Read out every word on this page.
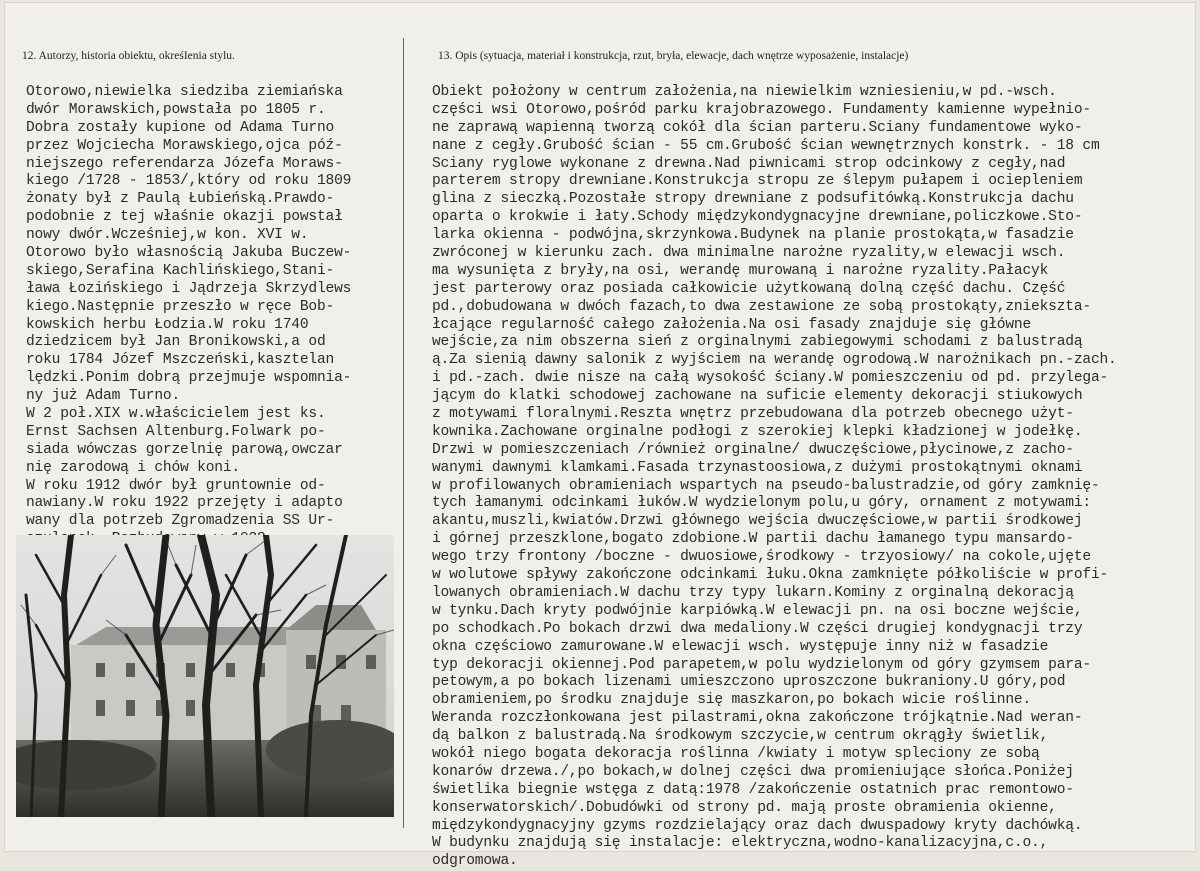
12. Autorzy, historia obiektu, okreśIenia stylu.	13. Opis (sytuacja, materiał i konstrukcja, rzut, bryła, elewacje, dach wnętrze wyposażenie, instalacje)
Otorowo,niewielka siedziba ziemiańska
dwór Morawskich,powstała po 1805 r.
Dobra zostały kupione od Adama Turno
przez Wojciecha Morawskiego,ojca póź-
niejszego referendarza Józefa Moraws-
kiego /1728 - 1853/,który od roku 1809
żonaty był z Paulą Łubieńską.Prawdo-
podobnie z tej właśnie okazji powstał
nowy dwór.Wcześniej,w kon. XVI w.
Otorowo było własnością Jakuba Buczew-
skiego,Serafina Kachlińskiego,Stani-
ława Łozińskiego i Jądrzeja Skrzydlews
kiego.Następnie przeszło w ręce Bob-
kowskich herbu Łodzia.W roku 1740
dziedzicem był Jan Bronikowski,a od
roku 1784 Józef Mszczeński,kasztelan
lędzki.Ponim dobrą przejmuje wspomnia-
ny już Adam Turno.
W 2 poł.XIX w.właścicielem jest ks.
Ernst Sachsen Altenburg.Folwark po-
siada wówczas gorzelnię parową,owczar
nię zarodową i chów koni.
W roku 1912 dwór był gruntownie od-
nawiany.W roku 1922 przejęty i adapto
wany dla potrzeb Zgromadzenia SS Ur-
Obiekt położony w centrum założenia,na niewielkim wzniesieniu,w pd.-wsch.
części wsi Otorowo,pośród parku krajobrazowego. Fundamenty kamienne wypełnio-
ne zaprawą wapienną tworzą cokół dla ścian parteru.Sciany fundamentowe wyko-
nane z cegły.Grubość ścian - 55 cm.Grubość ścian wewnętrznych konstrk. - 18 cm
Sciany ryglowe wykonane z drewna.Nad piwnicami strop odcinkowy z cegły,nad
parterem stropy drewniane.Konstrukcja stropu ze ślepym pułapem i ociepleniem
glina z sieczką.Pozostałe stropy drewniane z podsufitówką.Konstrukcja dachu
oparta o krokwie i łaty.Schody międzykondygnacyjne drewniane,policzkowe.Sto-
larka okienna - podwójna,skrzynkowa.Budynek na planie prostokąta,w fasadzie
zwróconej w kierunku zach. dwa minimalne narożne ryzality,w elewacji wsch.
ma wysunięta z bryły,na osi, werandę murowaną i narożne ryzality.Pałacyk
jest parterowy oraz posiada całkowicie użytkowaną dolną część dachu. Część
pd.,dobudowana w dwóch fazach,to dwa zestawione ze sobą prostokąty,zniekszta-
łcające regularność całego założenia.Na osi fasady znajduje się główne
wejście,za nim obszerna sień z orginalnymi zabiegowymi schodami z balustradą
ą.Za sienią dawny salonik z wyjściem na werandę ogrodową.W narożnikach pn.-zach.
i pd.-zach. dwie nisze na całą wysokość ściany.W pomieszczeniu od pd. przylega-
jącym do klatki schodowej zachowane na suficie elementy dekoracji stiukowych
z motywami floralnymi.Reszta wnętrz przebudowana dla potrzeb obecnego użyt-
kownika.Zachowane orginalne podłogi z szerokiej klepki kładzionej w jodełkę.
Drzwi w pomieszczeniach /również orginalne/ dwuczęściowe,płycinowe,z zacho-
wanymi dawnymi klamkami.Fasada trzynastoosiowa,z dużymi prostokątnymi oknami
w profilowanych obramieniach wspartych na pseudo-balustradzie,od góry zamknię-
tych łamanymi odcinkami łuków.W wydzielonym polu,u góry, ornament z motywami:
akantu,muszli,kwiatów.Drzwi głównego wejścia dwuczęściowe,w partii środkowej
i górnej przeszklone,bogato zdobione.W partii dachu łamanego typu mansardo-
wego trzy frontony /boczne - dwuosiowe,środkowy - trzyosiowy/ na cokole,ujęte
w wolutowe spływy zakończone odcinkami łuku.Okna zamknięte półkoliście w profi-
lowanych obramieniach.W dachu trzy typy lukarn.Kominy z orginalną dekoracją
w tynku.Dach kryty podwójnie karpiówką.W elewacji pn. na osi boczne wejście,
po schodkach.Po bokach drzwi dwa medaliony.W części drugiej kondygnacji trzy
okna częściowo zamurowane.W elewacji wsch. występuje inny niż w fasadzie
typ dekoracji okiennej.Pod parapetem,w polu wydzielonym od góry gzymsem para-
petowym,a po bokach lizenami umieszczono uproszczone bukraniony.U góry,pod
obramieniem,po środku znajduje się maszkaron,po bokach wicie roślinne.
Weranda rozczłonkowana jest pilastrami,okna zakończone trójkątnie.Nad weran-
dą balkon z balustradą.Na środkowym szczycie,w centrum okrągły świetlik,
wokół niego bogata dekoracja roślinna /kwiaty i motyw spleciony ze sobą
konarów drzewa./,po bokach,w dolnej części dwa promieniujące słońca.Poniżej
świetlika biegnie wstęga z datą:1978 /zakończenie ostatnich prac remontowo-
konserwatorskich/.Dobudówki od strony pd. mają proste obramienia okienne,
międzykondygnacyjny gzyms rozdzielający oraz dach dwuspadowy kryty dachówką.
W budynku znajdują się instalacje: elektryczna,wodno-kanalizacyjna,c.o.,
odgromowa.
